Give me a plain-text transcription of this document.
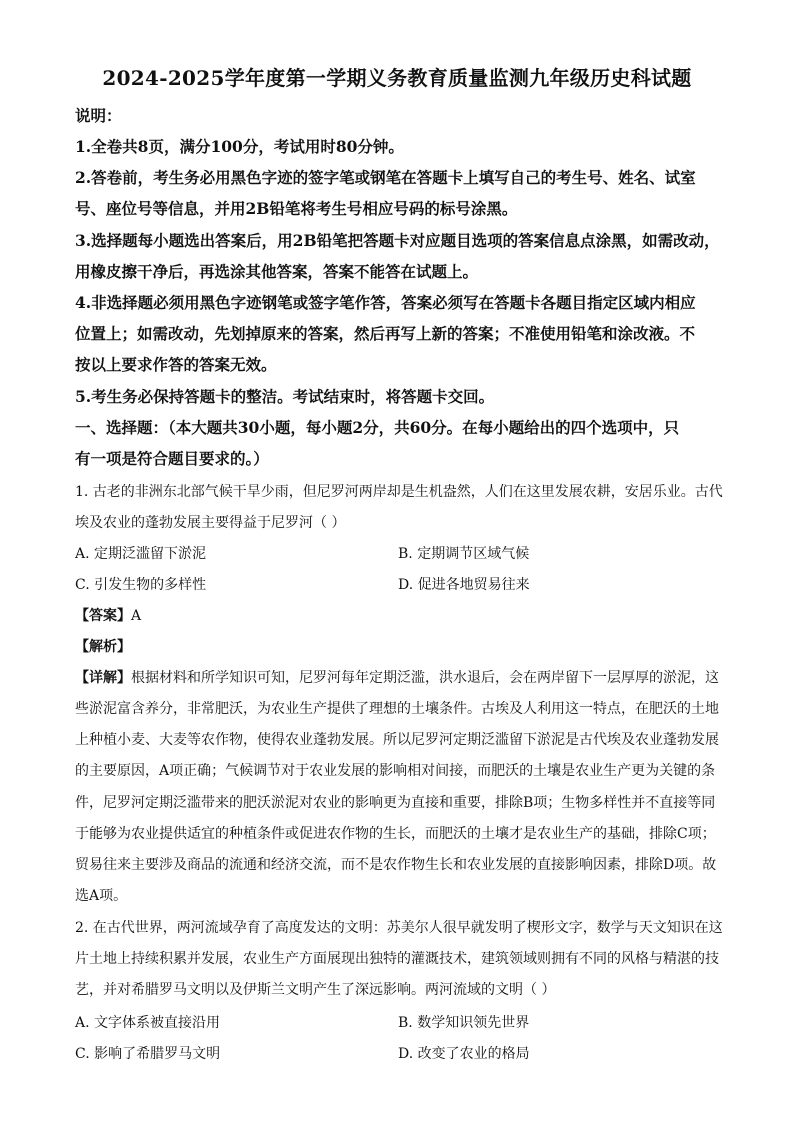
2024-2025学年度第一学期义务教育质量监测九年级历史科试题
说明：
1.全卷共8页，满分100分，考试用时80分钟。
2.答卷前，考生务必用黑色字迹的签字笔或钢笔在答题卡上填写自己的考生号、姓名、试室
号、座位号等信息，并用2B铅笔将考生号相应号码的标号涂黑。
3.选择题每小题选出答案后，用2B铅笔把答题卡对应题目选项的答案信息点涂黑，如需改动，
用橡皮擦干净后，再选涂其他答案，答案不能答在试题上。
4.非选择题必须用黑色字迹钢笔或签字笔作答，答案必须写在答题卡各题目指定区域内相应
位置上；如需改动，先划掉原来的答案，然后再写上新的答案；不准使用铅笔和涂改液。不
按以上要求作答的答案无效。
5.考生务必保持答题卡的整洁。考试结束时，将答题卡交回。
一、选择题：（本大题共30小题，每小题2分，共60分。在每小题给出的四个选项中，只
有一项是符合题目要求的。）
1. 古老的非洲东北部气候干旱少雨，但尼罗河两岸却是生机盎然，人们在这里发展农耕，安居乐业。古代
埃及农业的蓬勃发展主要得益于尼罗河（ ）
A. 定期泛滥留下淤泥	B. 定期调节区域气候
C. 引发生物的多样性	D. 促进各地贸易往来
【答案】A
【解析】
【详解】根据材料和所学知识可知，尼罗河每年定期泛滥，洪水退后，会在两岸留下一层厚厚的淤泥，这
些淤泥富含养分，非常肥沃，为农业生产提供了理想的土壤条件。古埃及人利用这一特点，在肥沃的土地
上种植小麦、大麦等农作物，使得农业蓬勃发展。所以尼罗河定期泛滥留下淤泥是古代埃及农业蓬勃发展
的主要原因，A项正确；气候调节对于农业发展的影响相对间接，而肥沃的土壤是农业生产更为关键的条
件，尼罗河定期泛滥带来的肥沃淤泥对农业的影响更为直接和重要，排除B项；生物多样性并不直接等同
于能够为农业提供适宜的种植条件或促进农作物的生长，而肥沃的土壤才是农业生产的基础，排除C项；
贸易往来主要涉及商品的流通和经济交流，而不是农作物生长和农业发展的直接影响因素，排除D项。故
选A项。
2. 在古代世界，两河流域孕育了高度发达的文明：苏美尔人很早就发明了楔形文字，数学与天文知识在这
片土地上持续积累并发展，农业生产方面展现出独特的灌溉技术，建筑领域则拥有不同的风格与精湛的技
艺，并对希腊罗马文明以及伊斯兰文明产生了深远影响。两河流域的文明（ ）
A. 文字体系被直接沿用	B. 数学知识领先世界
C. 影响了希腊罗马文明	D. 改变了农业的格局
